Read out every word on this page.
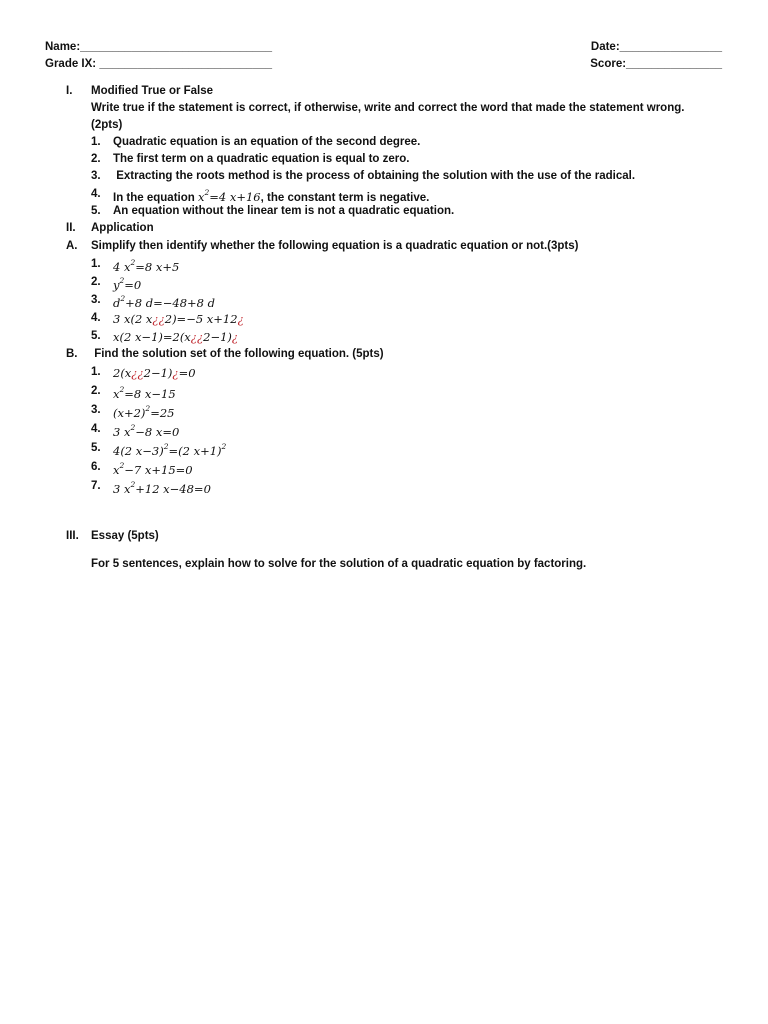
Name:______________________________	Date:________________
Grade IX: ___________________________	Score:_______________
I. Modified True or False
Write true if the statement is correct, if otherwise, write and correct the word that made the statement wrong.
(2pts)
1. Quadratic equation is an equation of the second degree.
2. The first term on a quadratic equation is equal to zero.
3. Extracting the roots method is the process of obtaining the solution with the use of the radical.
4. In the equation $x^2=4$ x+16, the constant term is negative.
5. An equation without the linear tem is not a quadratic equation.
II. Application
A. Simplify then identify whether the following equation is a quadratic equation or not.(3pts)
1. 4 $x^2=8$ x+5
2. $y^2=0$
3. $d^2+8$ d=−48+8 d
4. 3 x(2 x¿¿2)=−5 x+12¿
5. x(2 x−1)=2(x¿¿2−1)¿
B. Find the solution set of the following equation. (5pts)
1. 2(x¿¿2−1)¿=0
2. $x^2=8$ x−15
3. $(x+2)^2=25$
4. 3 $x^2-8$ x=0
5. 4(2 x−3)$^2$=(2 x+1)$^2$
6. $x^2-7$ x+15=0
7. 3 $x^2+12$ x−48=0
III. Essay (5pts)
For 5 sentences, explain how to solve for the solution of a quadratic equation by factoring.
